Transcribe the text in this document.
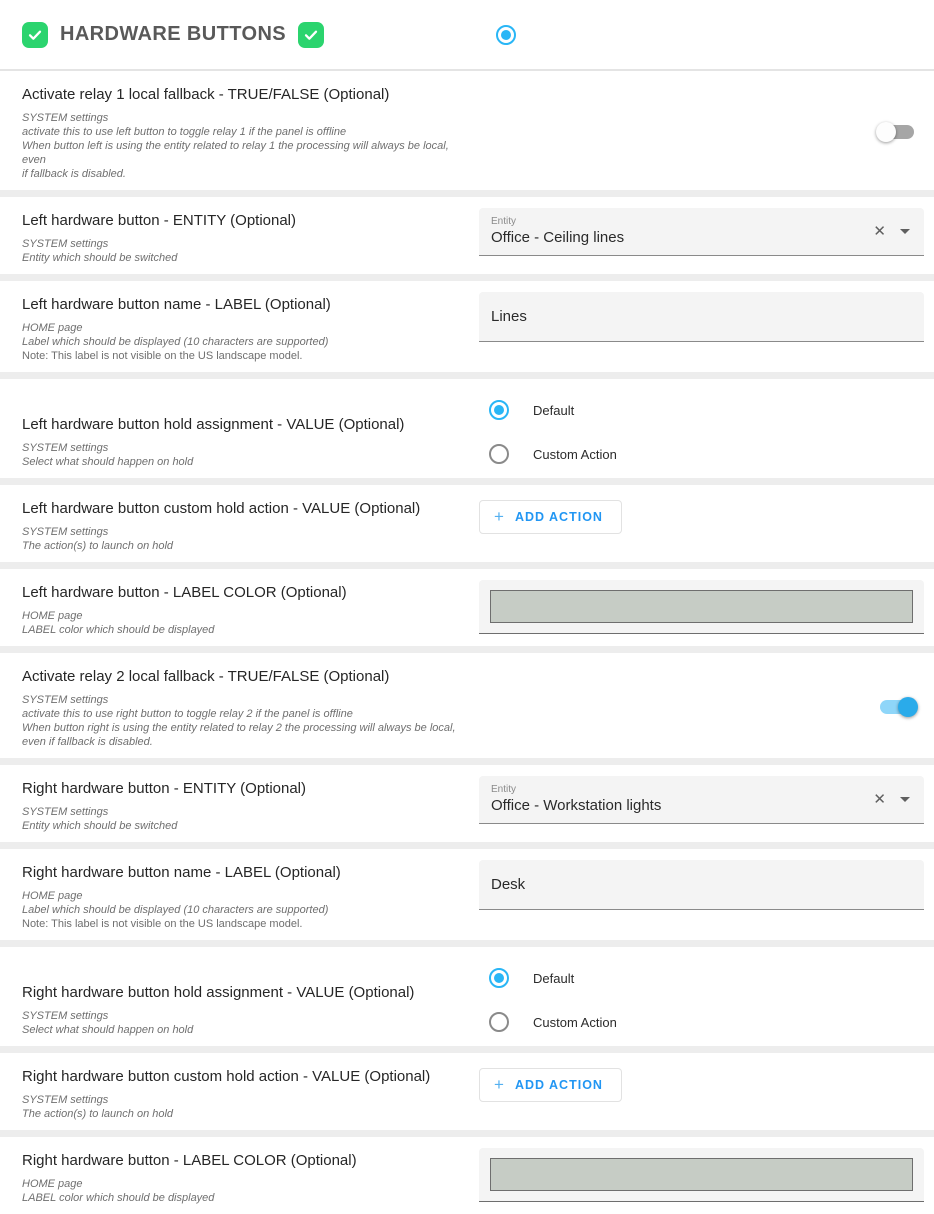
HARDWARE BUTTONS
Activate relay 1 local fallback - TRUE/FALSE (Optional)
SYSTEM settings
activate this to use left button to toggle relay 1 if the panel is offline
When button left is using the entity related to relay 1 the processing will always be local, even
if fallback is disabled.
Left hardware button - ENTITY (Optional)
SYSTEM settings
Entity which should be switched
Entity
Office - Ceiling lines	✕
Left hardware button name - LABEL (Optional)
HOME page
Label which should be displayed (10 characters are supported)
Note: This label is not visible on the US landscape model.
Lines
Left hardware button hold assignment - VALUE (Optional)
SYSTEM settings
Select what should happen on hold
Default
Custom Action
Left hardware button custom hold action - VALUE (Optional)
SYSTEM settings
The action(s) to launch on hold
+ ADD ACTION
Left hardware button - LABEL COLOR (Optional)
HOME page
LABEL color which should be displayed
Activate relay 2 local fallback - TRUE/FALSE (Optional)
SYSTEM settings
activate this to use right button to toggle relay 2 if the panel is offline
When button right is using the entity related to relay 2 the processing will always be local,
even if fallback is disabled.
Right hardware button - ENTITY (Optional)
SYSTEM settings
Entity which should be switched
Entity
Office - Workstation lights	✕
Right hardware button name - LABEL (Optional)
HOME page
Label which should be displayed (10 characters are supported)
Note: This label is not visible on the US landscape model.
Desk
Right hardware button hold assignment - VALUE (Optional)
SYSTEM settings
Select what should happen on hold
Default
Custom Action
Right hardware button custom hold action - VALUE (Optional)
SYSTEM settings
The action(s) to launch on hold
+ ADD ACTION
Right hardware button - LABEL COLOR (Optional)
HOME page
LABEL color which should be displayed
